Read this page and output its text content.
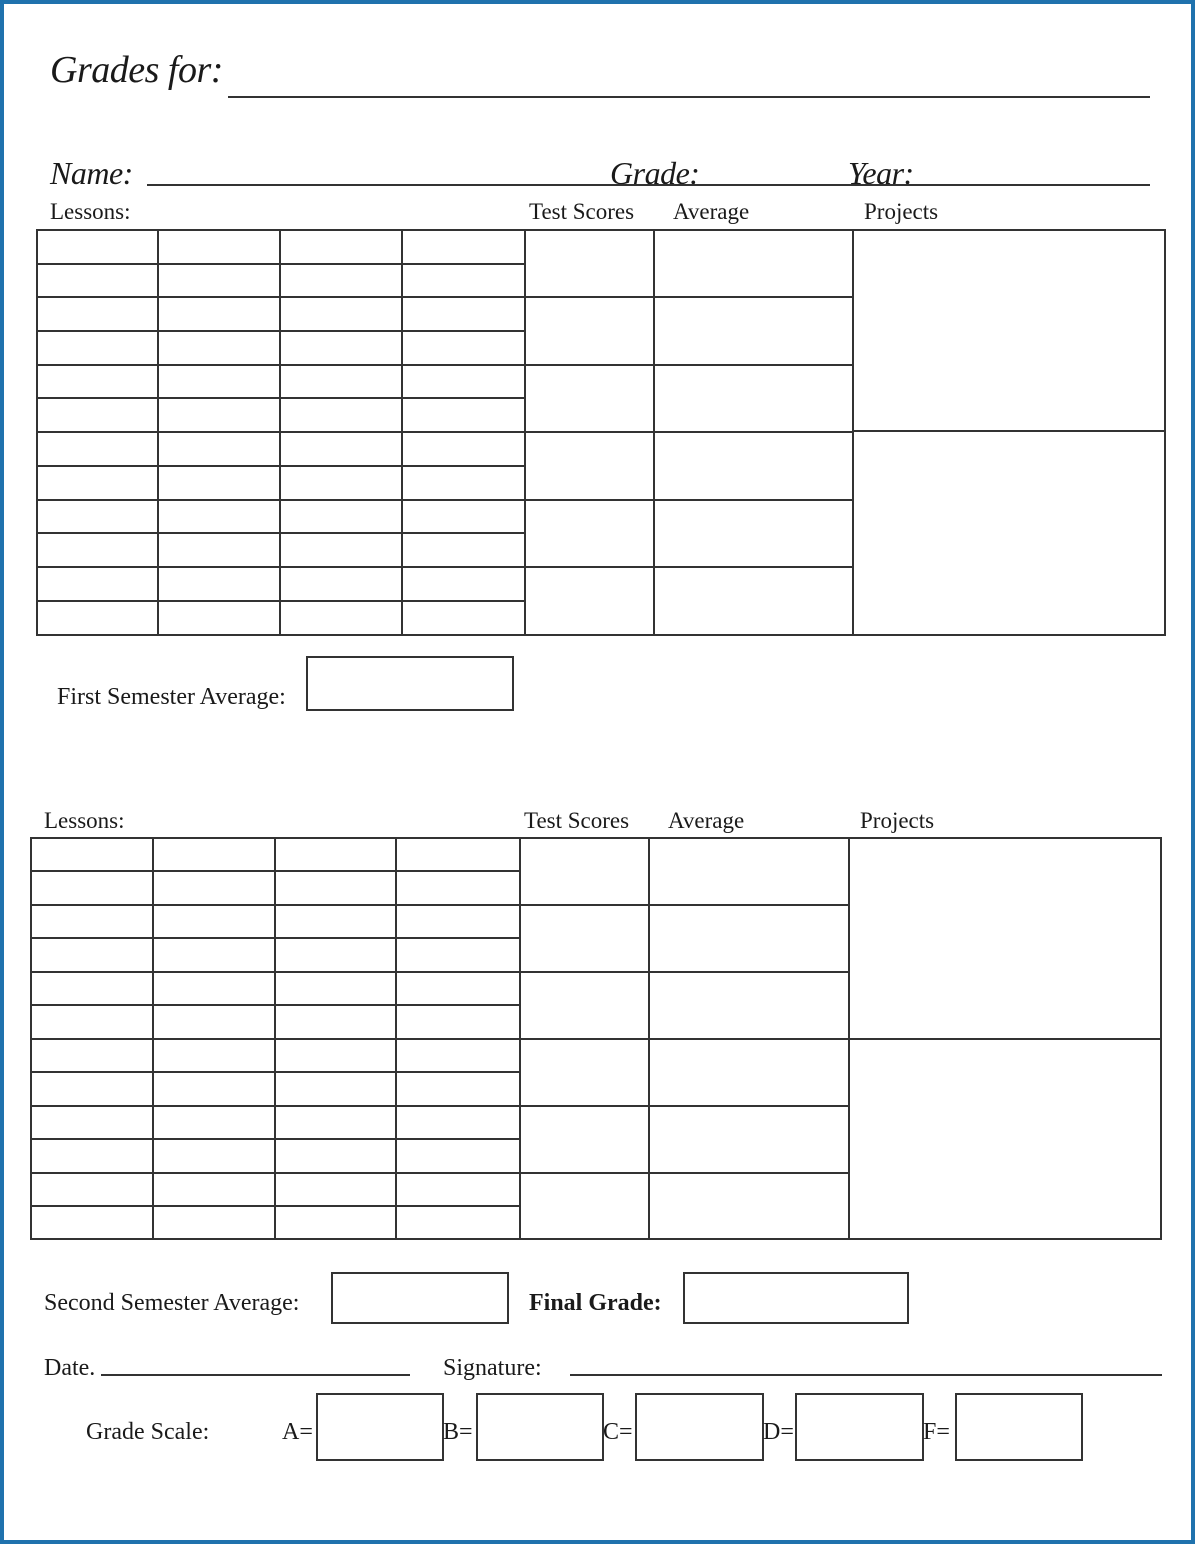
Grades for:
Name:	Grade:	Year:
Lessons:	Test Scores Average	Projects
First Semester Average:
Lessons:	Test Scores Average	Projects
Second Semester Average:	Final Grade:
Date.	Signature:
Grade Scale:	A=	B=	C=	D=	F=
